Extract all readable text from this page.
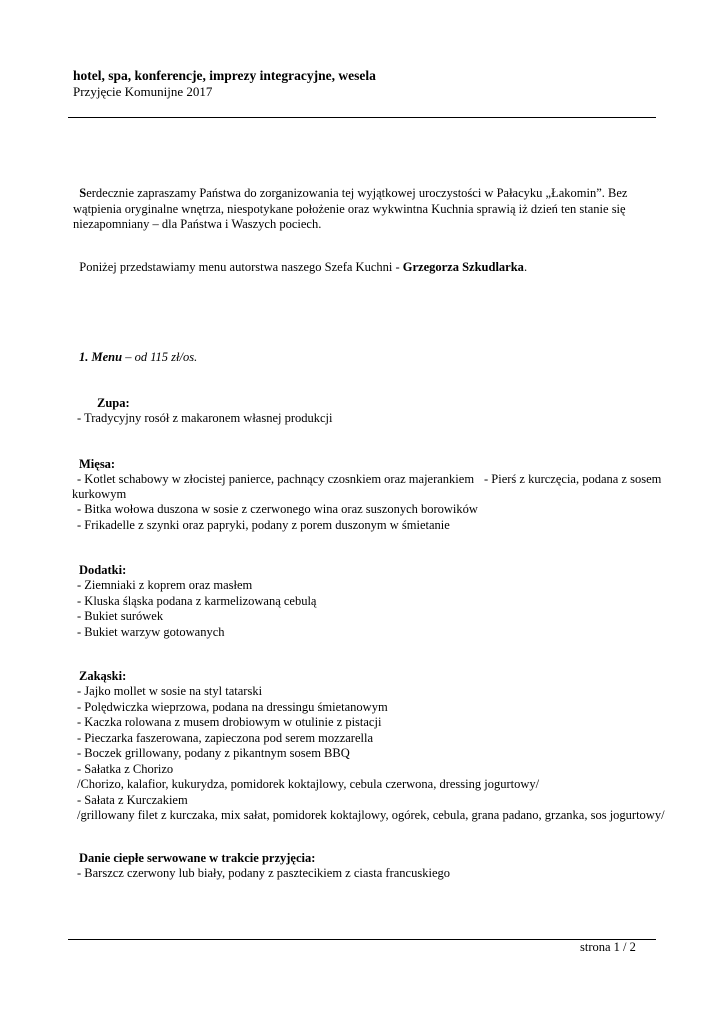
hotel, spa, konferencje, imprezy integracyjne, wesela
Przyjęcie Komunijne 2017
Serdecznie zapraszamy Państwa do zorganizowania tej wyjątkowej uroczystości w Pałacyku „Łakomin”. Bez
wątpienia oryginalne wnętrza, niespotykane położenie oraz wykwintna Kuchnia sprawią iż dzień ten stanie się
niezapomniany – dla Państwa i Waszych pociech.
Poniżej przedstawiamy menu autorstwa naszego Szefa Kuchni - Grzegorza Szkudlarka.
1. Menu – od 115 zł/os.
Zupa:
- Tradycyjny rosół z makaronem własnej produkcji
Mięsa:
- Kotlet schabowy w złocistej panierce, pachnący czosnkiem oraz majerankiem - Pierś z kurczęcia, podana z sosem
kurkowym
- Bitka wołowa duszona w sosie z czerwonego wina oraz suszonych borowików
- Frikadelle z szynki oraz papryki, podany z porem duszonym w śmietanie
Dodatki:
- Ziemniaki z koprem oraz masłem
- Kluska śląska podana z karmelizowaną cebulą
- Bukiet surówek
- Bukiet warzyw gotowanych
Zakąski:
- Jajko mollet w sosie na styl tatarski
- Polędwiczka wieprzowa, podana na dressingu śmietanowym
- Kaczka rolowana z musem drobiowym w otulinie z pistacji
- Pieczarka faszerowana, zapieczona pod serem mozzarella
- Boczek grillowany, podany z pikantnym sosem BBQ
- Sałatka z Chorizo
/Chorizo, kalafior, kukurydza, pomidorek koktajlowy, cebula czerwona, dressing jogurtowy/
- Sałata z Kurczakiem
/grillowany filet z kurczaka, mix sałat, pomidorek koktajlowy, ogórek, cebula, grana padano, grzanka, sos jogurtowy/
Danie ciepłe serwowane w trakcie przyjęcia:
- Barszcz czerwony lub biały, podany z pasztecikiem z ciasta francuskiego
strona 1 / 2
